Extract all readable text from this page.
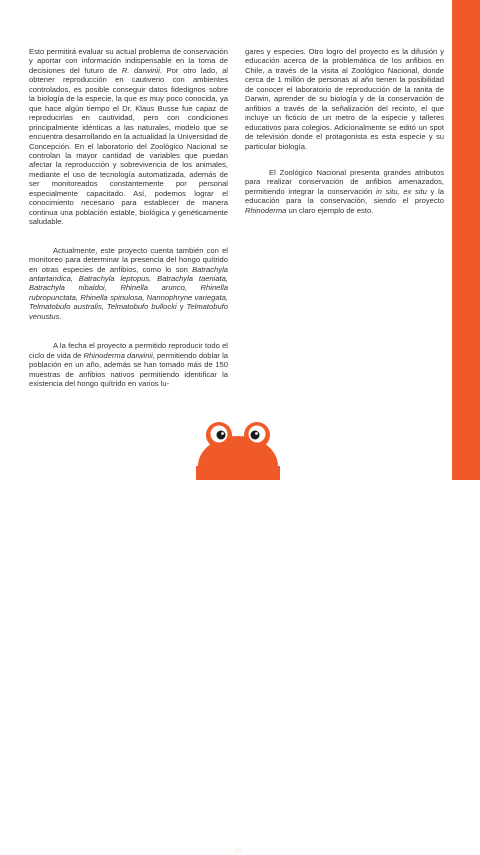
Esto permitirá evaluar su actual problema de conservación y aportar con información indispensable en la toma de decisiones del futuro de R. darwinii. Por otro lado, al obtener reproducción en cautiverio con ambientes controlados, es posible conseguir datos fidedignos sobre la biología de la especie, la que es muy poco conocida, ya que hace algún tiempo el Dr. Klaus Busse fue capaz de reproducirlas en cautividad, pero con condiciones principalmente idénticas a las naturales, modelo que se encuentra desarrollando en la actualidad la Universidad de Concepción. En el laboratorio del Zoológico Nacional se controlan la mayor cantidad de variables que puedan afectar la reproducción y sobrevivencia de los animales, mediante el uso de tecnología automatizada, además de ser monitoreados constantemente por personal especialmente capacitado. Así, podemos lograr el conocimiento necesario para establecer de manera continua una población estable, biológica y genéticamente saludable.

Actualmente, este proyecto cuenta también con el monitoreo para determinar la presencia del hongo quítrido en otras especies de anfibios, como lo son Batrachyla antartandica, Batrachyla leptopus, Batrachyla taeniata, Batrachyla nibaldoi, Rhinella arunco, Rhinella rubropunctata, Rhinella spinulosa, Nannophryne variegata, Telmatobufo australis, Telmatobufo bullocki y Telmatobufo venustus.

A la fecha el proyecto a permitido reproducir todo el ciclo de vida de Rhinoderma darwinii, permitiendo doblar la población en un año, además se han tomado más de 150 muestras de anfibios nativos permitiendo identificar la existencia del hongo quítrido en varios lu-

gares y especies. Otro logro del proyecto es la difusión y educación acerca de la problemática de los anfibios en Chile, a través de la visita al Zoológico Nacional, donde cerca de 1 millón de personas al año tienen la posibilidad de conocer el laboratorio de reproducción de la ranita de Darwin, aprender de su biología y de la conservación de anfibios a través de la señalización del recinto, el que incluye un ficticio de un metro de la especie y talleres educativos para colegios. Adicionalmente se editó un spot de televisión donde el protagonista es esta especie y su particular biología.

El Zoológico Nacional presenta grandes atributos para realizar conservación de anfibios amenazados, permitiendo integrar la conservación in situ, ex situ y la educación para la conservación, siendo el proyecto Rhinoderma un claro ejemplo de esto.

65
